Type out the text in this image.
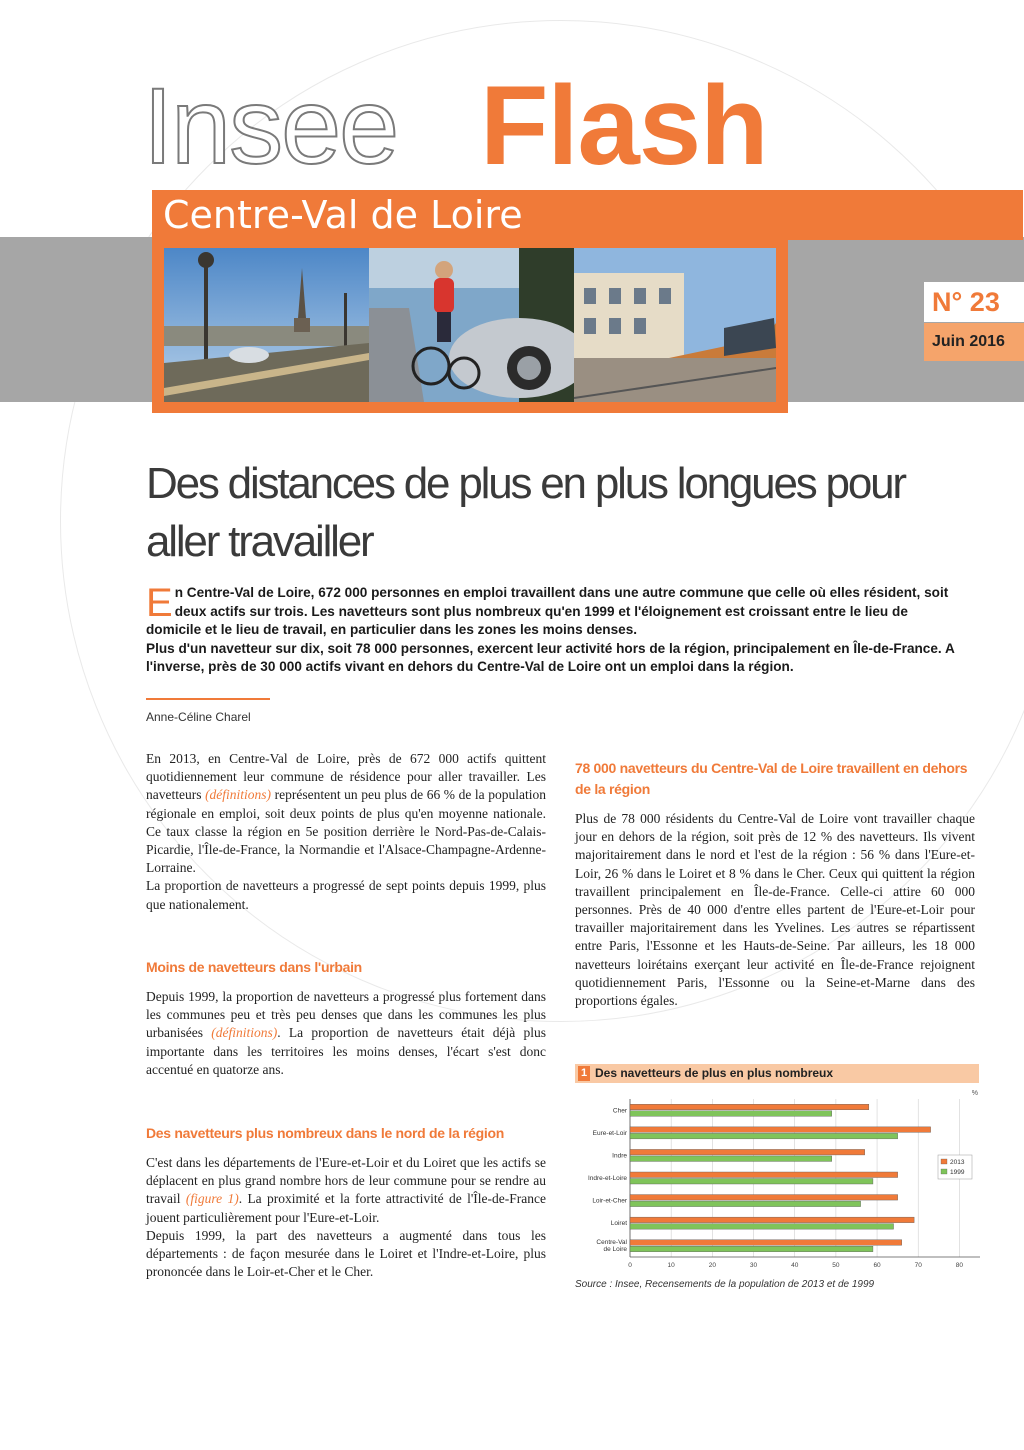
Insee Flash
Centre-Val de Loire
N° 23
Juin 2016
Des distances de plus en plus longues pour aller travailler
En Centre-Val de Loire, 672 000 personnes en emploi travaillent dans une autre commune que celle où elles résident, soit deux actifs sur trois. Les navetteurs sont plus nombreux qu'en 1999 et l'éloignement est croissant entre le lieu de domicile et le lieu de travail, en particulier dans les zones les moins denses.
Plus d'un navetteur sur dix, soit 78 000 personnes, exercent leur activité hors de la région, principalement en Île-de-France. A l'inverse, près de 30 000 actifs vivant en dehors du Centre-Val de Loire ont un emploi dans la région.
Anne-Céline Charel

En 2013, en Centre-Val de Loire, près de 672 000 actifs quittent quotidiennement leur commune de résidence pour aller travailler. Les navetteurs (définitions) représentent un peu plus de 66 % de la population régionale en emploi, soit deux points de plus qu'en moyenne nationale. Ce taux classe la région en 5e position derrière le Nord-Pas-de-Calais-Picardie, l'Île-de-France, la Normandie et l'Alsace-Champagne-Ardenne-Lorraine.

La proportion de navetteurs a progressé de sept points depuis 1999, plus que nationalement.

Moins de navetteurs dans l'urbain

Depuis 1999, la proportion de navetteurs a progressé plus fortement dans les communes peu et très peu denses que dans les communes les plus urbanisées (définitions). La proportion de navetteurs était déjà plus importante dans les territoires les moins denses, l'écart s'est donc accentué en quatorze ans.

Des navetteurs plus nombreux dans le nord de la région

C'est dans les départements de l'Eure-et-Loir et du Loiret que les actifs se déplacent en plus grand nombre hors de leur commune pour se rendre au travail (figure 1). La proximité et la forte attractivité de l'Île-de-France jouent particulièrement pour l'Eure-et-Loir.

Depuis 1999, la part des navetteurs a augmenté dans tous les départements : de façon mesurée dans le Loiret et l'Indre-et-Loire, plus prononcée dans le Loir-et-Cher et le Cher.

78 000 navetteurs du Centre-Val de Loire travaillent en dehors de la région

Plus de 78 000 résidents du Centre-Val de Loire vont travailler chaque jour en dehors de la région, soit près de 12 % des navetteurs. Ils vivent majoritairement dans le nord et l'est de la région : 56 % dans l'Eure-et-Loir, 26 % dans le Loiret et 8 % dans le Cher. Ceux qui quittent la région travaillent principalement en Île-de-France. Celle-ci attire 60 000 personnes. Près de 40 000 d'entre elles partent de l'Eure-et-Loir pour travailler majoritairement dans les Yvelines. Les autres se répartissent entre Paris, l'Essonne et les Hauts-de-Seine. Par ailleurs, les 18 000 navetteurs loirétains exerçant leur activité en Île-de-France rejoignent quotidiennement Paris, l'Essonne ou la Seine-et-Marne dans des proportions égales.

1 Des navetteurs de plus en plus nombreux
%
0	10	20	30	40	50	60	70	80
Cher
Eure-et-Loir
Indre
Indre-et-Loire
Loir-et-Cher
Loiret
Centre-Val de Loire
2013
1999
Source : Insee, Recensements de la population de 2013 et de 1999
